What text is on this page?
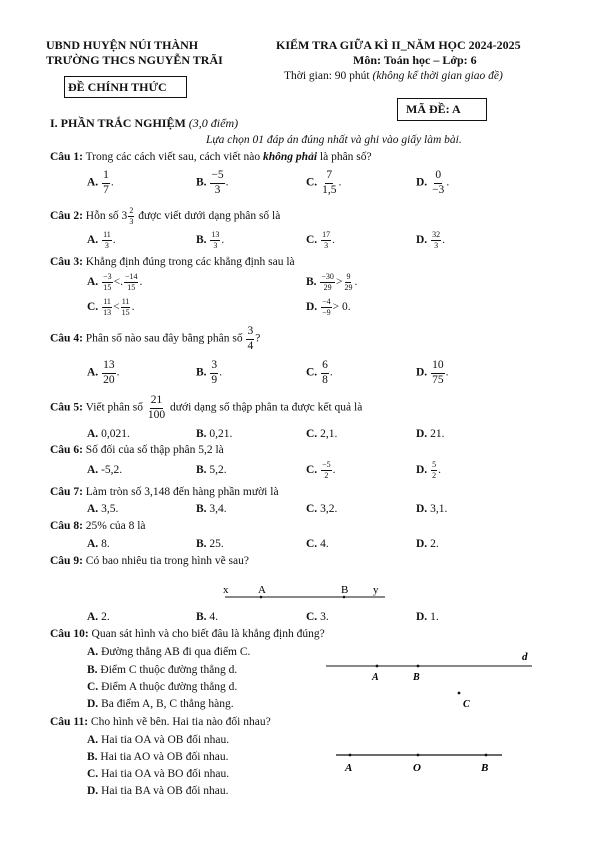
UBND HUYỆN NÚI THÀNH
TRƯỜNG THCS NGUYỄN TRÃI
ĐỀ CHÍNH THỨC
KIỂM TRA GIỮA KÌ II_NĂM HỌC 2024-2025
Môn: Toán học – Lớp: 6
Thời gian: 90 phút (không kể thời gian giao đề)
MÃ ĐỀ: A
I. PHẦN TRẮC NGHIỆM (3,0 điểm)
Lựa chọn 01 đáp án đúng nhất và ghi vào giấy làm bài.
Câu 1: Trong các cách viết sau, cách viết nào không phải là phân số?
A. $\frac{1}{7}$ .	B. $\frac{-5}{3}$ .	C. $\frac{7}{1,5}$ .	D. $\frac{0}{-3}$ .
Câu 2: Hỗn số $3 \frac{2}{3}$ được viết dưới dạng phân số là
A. $\frac{11}{3}$ .	B. $\frac{13}{3}$ .	C. $\frac{17}{3}$ .	D. $\frac{32}{3}$ .
Câu 3: Khẳng định đúng trong các khẳng định sau là
A. $\frac{-3}{15}$ <. $\frac{-14}{15}$ .	B. $\frac{-30}{29} > \frac{9}{29}$ .
C. $\frac{11}{13} < \frac{11}{15}$ .	D. $\frac{-4}{-9} > 0$.
Câu 4: Phân số nào sau đây bằng phân số $\frac{3}{4}$ ?
A. $\frac{13}{20}$ .	B. $\frac{3}{9}$ .	C. $\frac{6}{8}$ .	D. $\frac{10}{75}$ .
Câu 5: Viết phân số $\frac{21}{100}$ dưới dạng số thập phân ta được kết quả là
A. 0,021.	B. 0,21.	C. 2,1.	D. 21.
Câu 6: Số đối của số thập phân 5,2 là
A. -5,2.	B. 5,2.	C. $\frac{-5}{2}$ .	D. $\frac{5}{2}$ .
Câu 7: Làm tròn số 3,148 đến hàng phần mười là
A. 3,5.	B. 3,4.	C. 3,2.	D. 3,1.
Câu 8: 25% của 8 là
A. 8.	B. 25.	C. 4.	D. 2.
Câu 9: Có bao nhiêu tia trong hình vẽ sau?
x	A	B y
A. 2.	B. 4.	C. 3.	D. 1.
Câu 10: Quan sát hình và cho biết đâu là khẳng định đúng?
A. Đường thẳng AB đi qua điểm C.
B. Điểm C thuộc đường thẳng d.
C. Điểm A thuộc đường thẳng d.
D. Ba điểm A, B, C thẳng hàng.
d
A	B
C
Câu 11: Cho hình vẽ bên. Hai tia nào đối nhau?
A. Hai tia OA và OB đối nhau.
B. Hai tia AO và OB đối nhau.
C. Hai tia OA và BO đối nhau.
D. Hai tia BA và OB đối nhau.
A	O	B
